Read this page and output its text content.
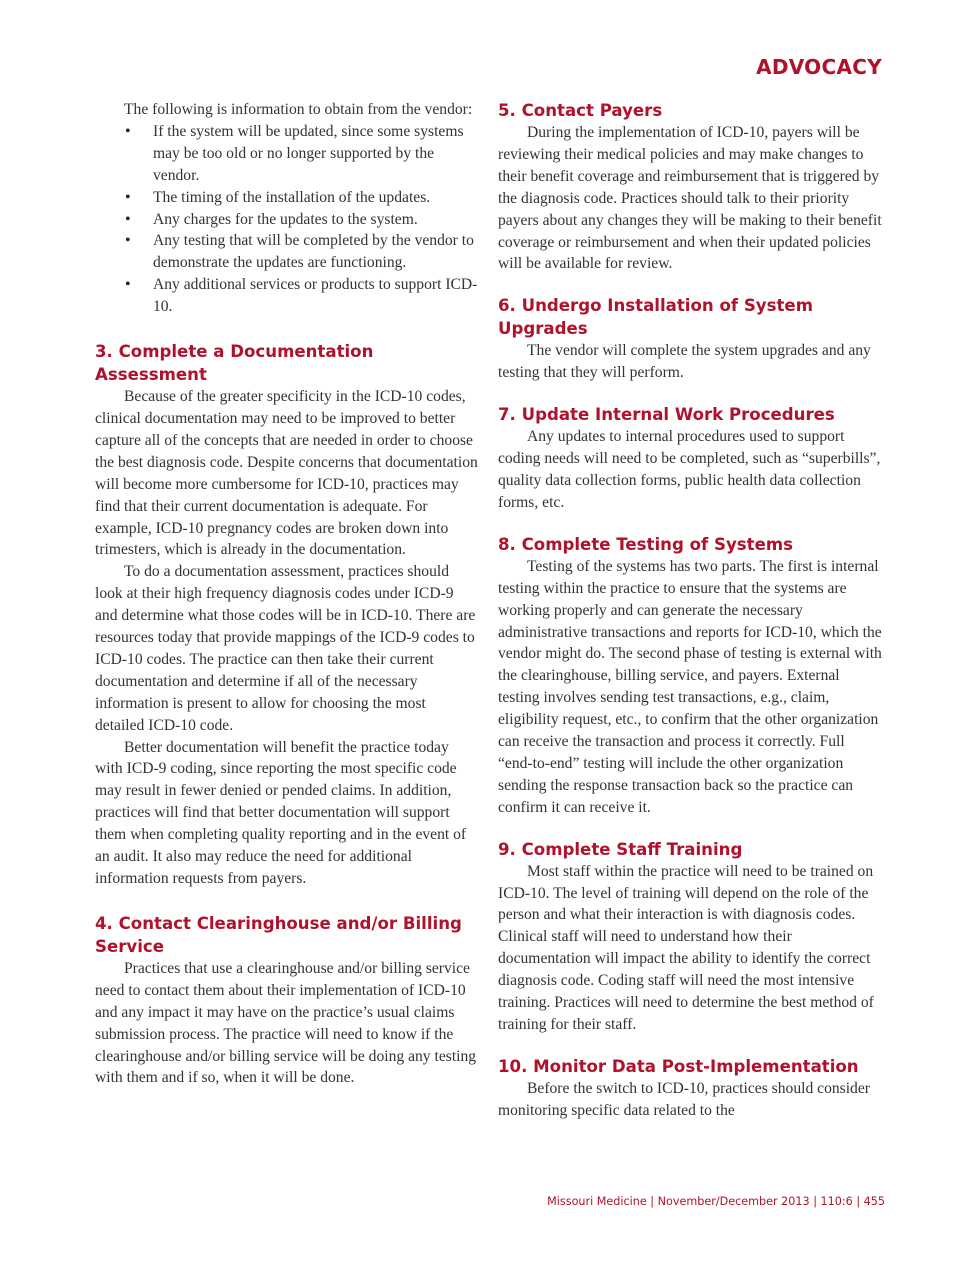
ADVOCACY

The following is information to obtain from the vendor:

• If the system will be updated, since some systems may be too old or no longer supported by the vendor.
• The timing of the installation of the updates.
• Any charges for the updates to the system.
• Any testing that will be completed by the vendor to demonstrate the updates are functioning.
• Any additional services or products to support ICD-10.
3. Complete a Documentation Assessment

Because of the greater specificity in the ICD-10 codes, clinical documentation may need to be improved to better capture all of the concepts that are needed in order to choose the best diagnosis code. Despite concerns that documentation will become more cumbersome for ICD-10, practices may find that their current documentation is adequate. For example, ICD-10 pregnancy codes are broken down into trimesters, which is already in the documentation.

To do a documentation assessment, practices should look at their high frequency diagnosis codes under ICD-9 and determine what those codes will be in ICD-10. There are resources today that provide mappings of the ICD-9 codes to ICD-10 codes. The practice can then take their current documentation and determine if all of the necessary information is present to allow for choosing the most detailed ICD-10 code.

Better documentation will benefit the practice today with ICD-9 coding, since reporting the most specific code may result in fewer denied or pended claims. In addition, practices will find that better documentation will support them when completing quality reporting and in the event of an audit. It also may reduce the need for additional information requests from payers.

4. Contact Clearinghouse and/or Billing Service

Practices that use a clearinghouse and/or billing service need to contact them about their implementation of ICD-10 and any impact it may have on the practice’s usual claims submission process. The practice will need to know if the clearinghouse and/or billing service will be doing any testing with them and if so, when it will be done.

5. Contact Payers

During the implementation of ICD-10, payers will be reviewing their medical policies and may make changes to their benefit coverage and reimbursement that is triggered by the diagnosis code. Practices should talk to their priority payers about any changes they will be making to their benefit coverage or reimbursement and when their updated policies will be available for review.

6. Undergo Installation of System Upgrades

The vendor will complete the system upgrades and any testing that they will perform.

7. Update Internal Work Procedures

Any updates to internal procedures used to support coding needs will need to be completed, such as “superbills”, quality data collection forms, public health data collection forms, etc.

8. Complete Testing of Systems

Testing of the systems has two parts. The first is internal testing within the practice to ensure that the systems are working properly and can generate the necessary administrative transactions and reports for ICD-10, which the vendor might do. The second phase of testing is external with the clearinghouse, billing service, and payers. External testing involves sending test transactions, e.g., claim, eligibility request, etc., to confirm that the other organization can receive the transaction and process it correctly. Full “end-to-end” testing will include the other organization sending the response transaction back so the practice can confirm it can receive it.

9. Complete Staff Training

Most staff within the practice will need to be trained on ICD-10. The level of training will depend on the role of the person and what their interaction is with diagnosis codes. Clinical staff will need to understand how their documentation will impact the ability to identify the correct diagnosis code. Coding staff will need the most intensive training. Practices will need to determine the best method of training for their staff.

10. Monitor Data Post-Implementation

Before the switch to ICD-10, practices should consider monitoring specific data related to the

Missouri Medicine | November/December 2013 | 110:6 | 455
